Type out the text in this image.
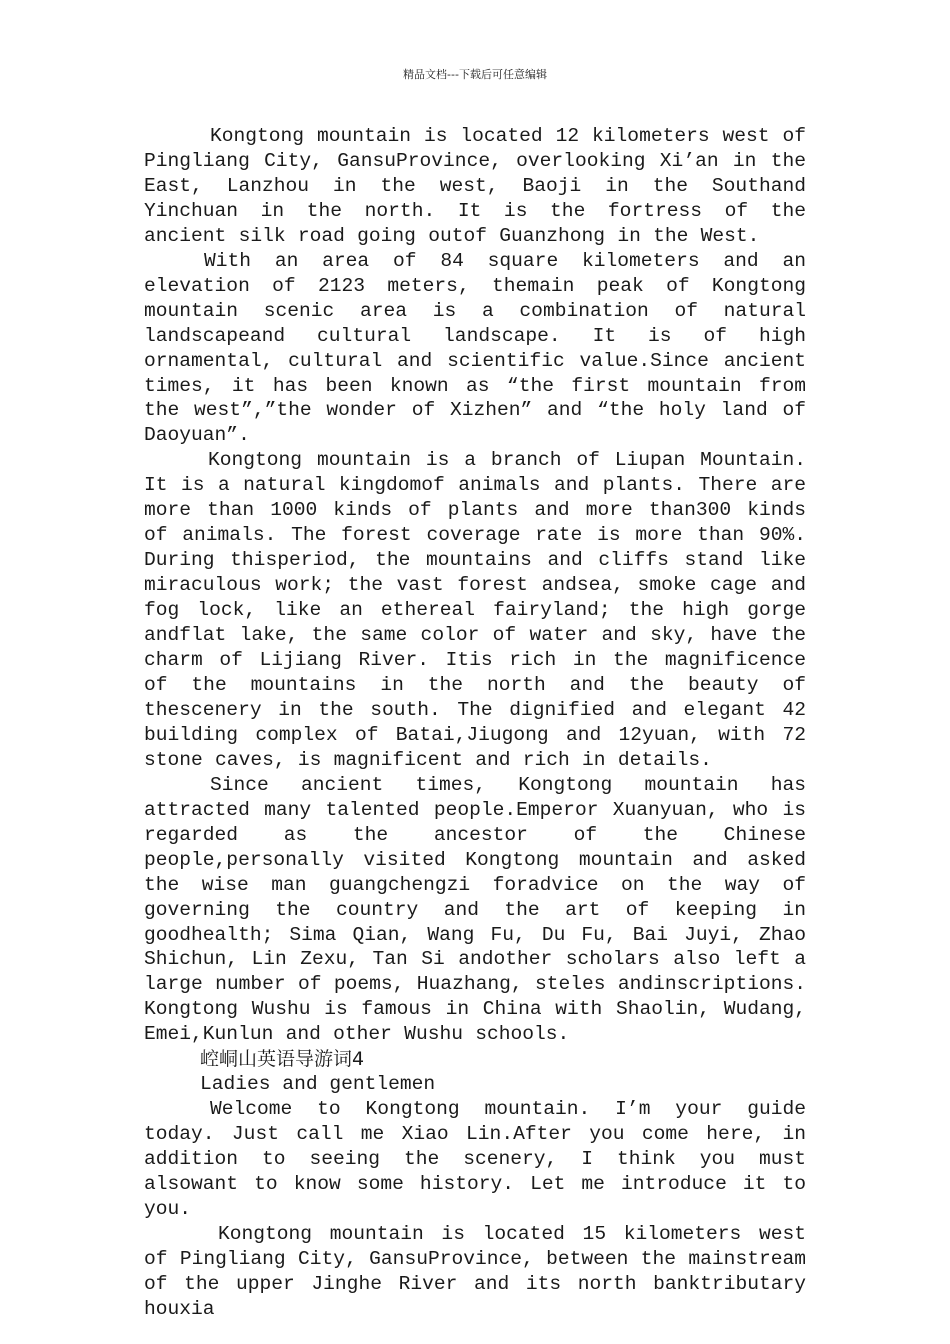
精品文档---下载后可任意编辑

Kongtong mountain is located 12 kilometers west of Pingliang City, GansuProvince, overlooking Xi’an in the East, Lanzhou in the west, Baoji in the Southand Yinchuan in the north. It is the fortress of the ancient silk road going outof Guanzhong in the West.

With an area of 84 square kilometers and an elevation of 2123 meters, themain peak of Kongtong mountain scenic area is a combination of natural landscapeand cultural landscape. It is of high ornamental, cultural and scientific value.Since ancient times, it has been known as “the first mountain from the west”,”the wonder of Xizhen” and “the holy land of Daoyuan”.

Kongtong mountain is a branch of Liupan Mountain. It is a natural kingdomof animals and plants. There are more than 1000 kinds of plants and more than300 kinds of animals. The forest coverage rate is more than 90%. During thisperiod, the mountains and cliffs stand like miraculous work; the vast forest andsea, smoke cage and fog lock, like an ethereal fairyland; the high gorge andflat lake, the same color of water and sky, have the charm of Lijiang River. Itis rich in the magnificence of the mountains in the north and the beauty of thescenery in the south. The dignified and elegant 42 building complex of Batai,Jiugong and 12yuan, with 72 stone caves, is magnificent and rich in details.

Since ancient times, Kongtong mountain has attracted many talented people.Emperor Xuanyuan, who is regarded as the ancestor of the Chinese people,personally visited Kongtong mountain and asked the wise man guangchengzi foradvice on the way of governing the country and the art of keeping in goodhealth; Sima Qian, Wang Fu, Du Fu, Bai Juyi, Zhao Shichun, Lin Zexu, Tan Si andother scholars also left a large number of poems, Huazhang, steles andinscriptions. Kongtong Wushu is famous in China with Shaolin, Wudang, Emei,Kunlun and other Wushu schools.

崆峒山英语导游词4

Ladies and gentlemen

Welcome to Kongtong mountain. I’m your guide today. Just call me Xiao Lin.After you come here, in addition to seeing the scenery, I think you must alsowant to know some history. Let me introduce it to you.

Kongtong mountain is located 15 kilometers west of Pingliang City, GansuProvince, between the mainstream of the upper Jinghe River and its north banktributary houxia
